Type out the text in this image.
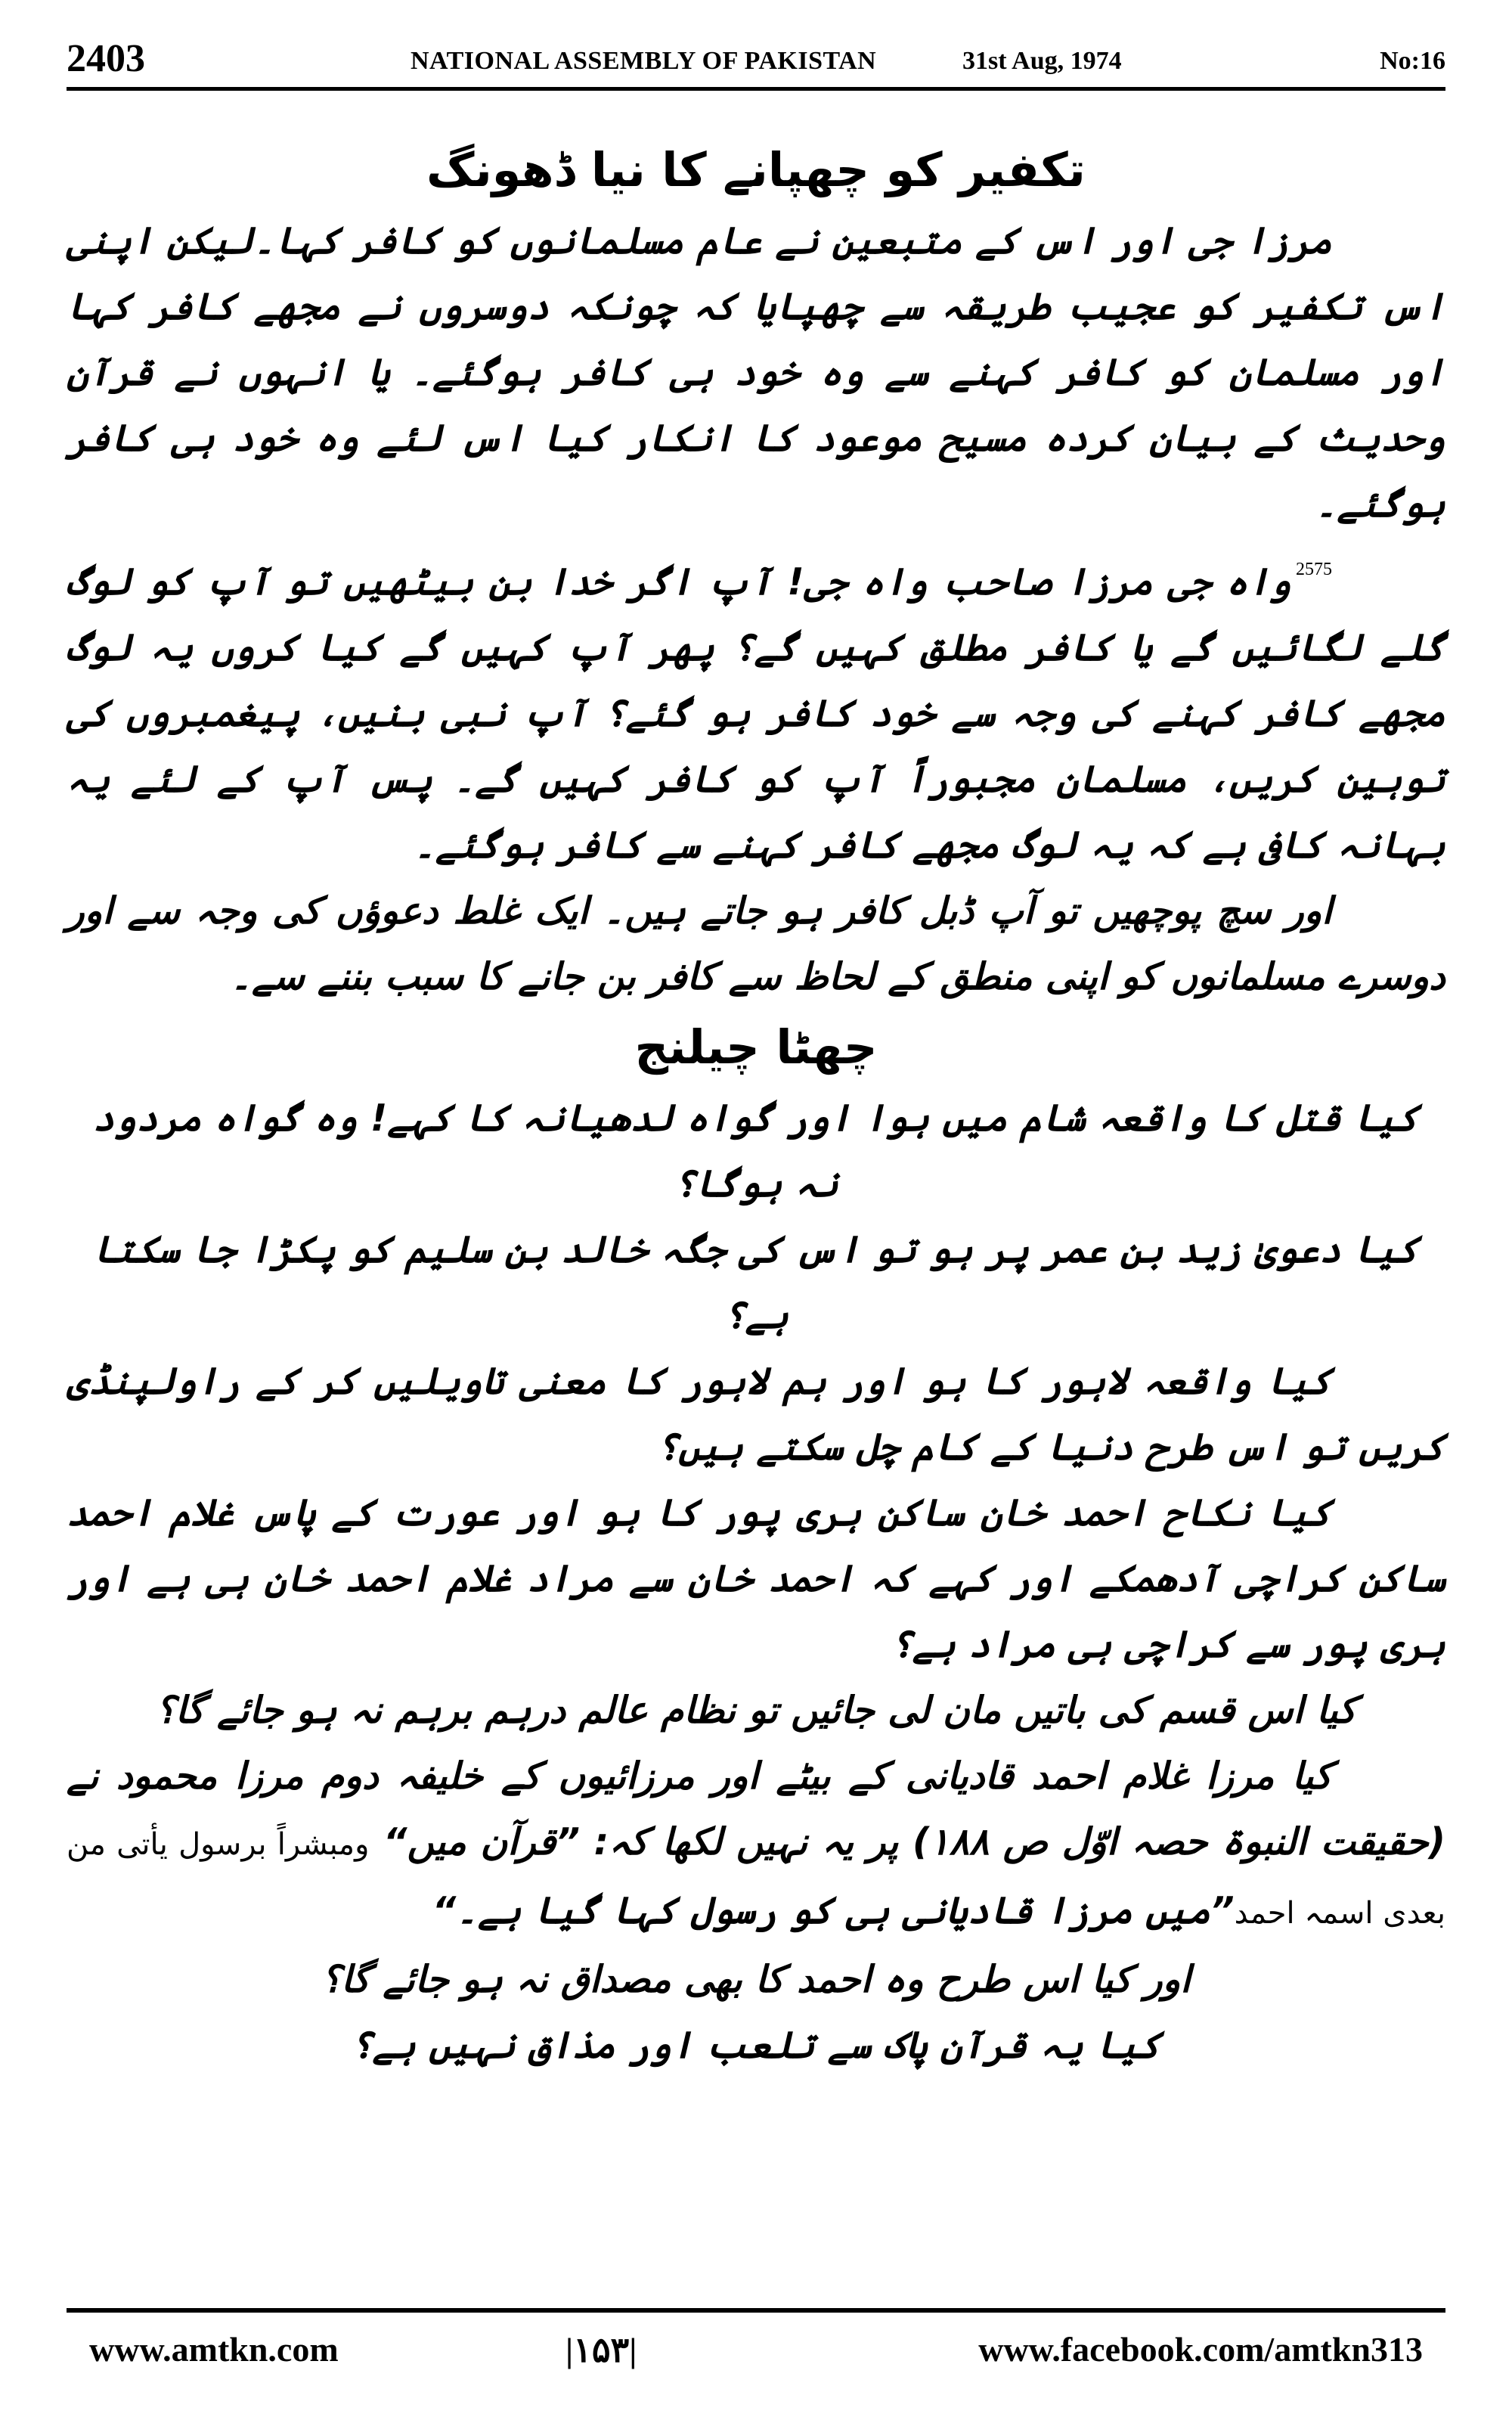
2403	NATIONAL ASSEMBLY OF PAKISTAN	31st Aug, 1974	No:16
تکفیر کو چھپانے کا نیا ڈھونگ

مرزا جی اور اس کے متبعین نے عام مسلمانوں کو کافر کہا۔لیکن اپنی اس تکفیر کو عجیب طریقہ سے چھپایا کہ چونکہ دوسروں نے مجھے کافر کہا اور مسلمان کو کافر کہنے سے وہ خود ہی کافر ہوگئے۔ یا انہوں نے قرآن وحدیث کے بیان کردہ مسیح موعود کا انکار کیا اس لئے وہ خود ہی کافر ہوگئے۔

$^{2575}$واہ جی مرزا صاحب واہ جی! آپ اگر خدا بن بیٹھیں تو آپ کو لوگ گلے لگائیں گے یا کافر مطلق کہیں گے؟ پھر آپ کہیں گے کیا کروں یہ لوگ مجھے کافر کہنے کی وجہ سے خود کافر ہو گئے؟ آپ نبی بنیں، پیغمبروں کی توہین کریں، مسلمان مجبوراً آپ کو کافر کہیں گے۔ پس آپ کے لئے یہ بہانہ کافی ہے کہ یہ لوگ مجھے کافر کہنے سے کافر ہوگئے۔

اور سچ پوچھیں تو آپ ڈبل کافر ہو جاتے ہیں۔ ایک غلط دعوؤں کی وجہ سے اور دوسرے مسلمانوں کو اپنی منطق کے لحاظ سے کافر بن جانے کا سبب بننے سے۔

چھٹا چیلنج

کیا قتل کا واقعہ شام میں ہوا اور گواہ لدھیانہ کا کہے! وہ گواہ مردود نہ ہوگا؟

کیا دعویٰ زید بن عمر پر ہو تو اس کی جگہ خالد بن سلیم کو پکڑا جا سکتا ہے؟

کیا واقعہ لاہور کا ہو اور ہم لاہور کا معنی تاویلیں کر کے راولپنڈی کریں تو اس طرح دنیا کے کام چل سکتے ہیں؟

کیا نکاح احمد خان ساکن ہری پور کا ہو اور عورت کے پاس غلام احمد ساکن کراچی آدھمکے اور کہے کہ احمد خان سے مراد غلام احمد خان ہی ہے اور ہری پور سے کراچی ہی مراد ہے؟

کیا اس قسم کی باتیں مان لی جائیں تو نظام عالم درہم برہم نہ ہو جائے گا؟

کیا مرزا غلام احمد قادیانی کے بیٹے اور مرزائیوں کے خلیفہ دوم مرزا محمود نے (حقیقت النبوۃ حصہ اوّل ص ۱۸۸) پر یہ نہیں لکھا کہ: ”قرآن میں“ ومبشراً برسول یأتی من بعدی اسمہ احمد”میں مرزا قادیانی ہی کو رسول کہا گیا ہے۔“

اور کیا اس طرح وہ احمد کا بھی مصداق نہ ہو جائے گا؟

کیا یہ قرآن پاک سے تلعب اور مذاق نہیں ہے؟

www.amtkn.com	|۱۵۳|	www.facebook.com/amtkn313
